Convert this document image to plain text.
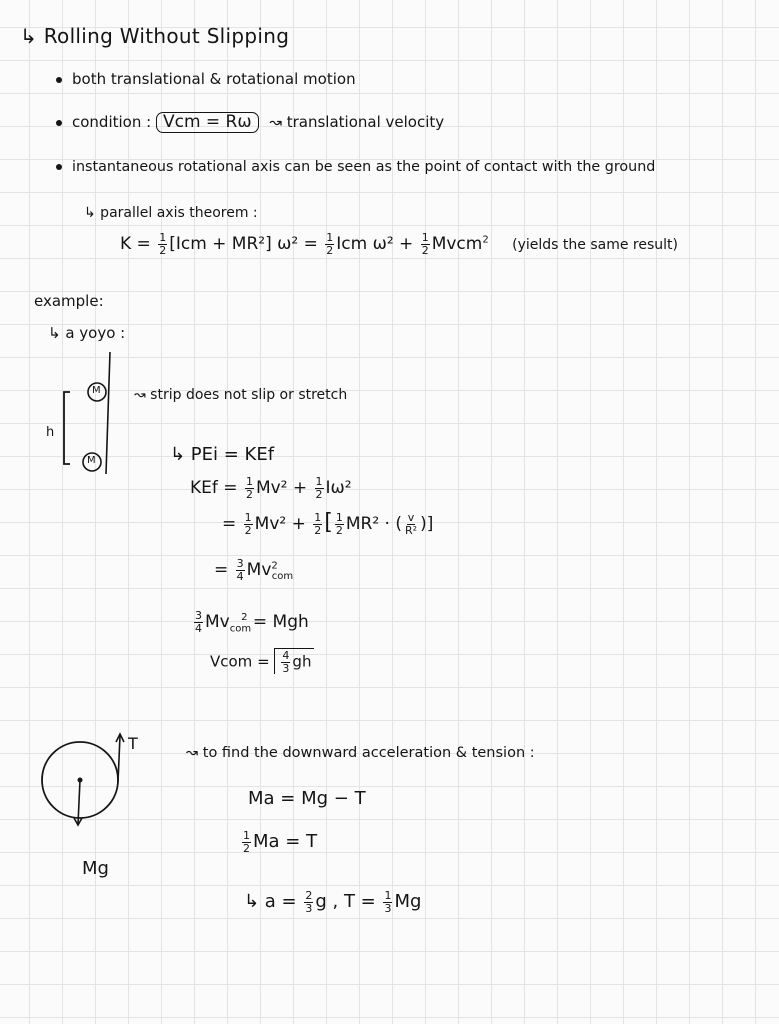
↳ Rolling Without Slipping
both translational & rotational motion
condition : Vcm = Rω ↝ translational velocity
instantaneous rotational axis can be seen as the point of contact with the ground
↳ parallel axis theorem :
$K = \frac{1}{2} [Icm + MR^2] \omega^2 = \frac{1}{2}$ Icm $\omega^2 + \frac{1}{2}$ Mvcm$^2$ (yields the same result)
example:
↳ a yoyo :
M
M
h
↝ strip does not slip or stretch
↳ PEi = KEf
KEf = $\frac{1}{2} Mv^2 + \frac{1}{2} I\omega^2$
= $\frac{1}{2} Mv^2 + \frac{1}{2}$ [ $\frac{1}{2} MR^2$ · ( $\frac{v}{\text{R²}}$ )]
= $\frac{3}{4} Mv^2_{com}$
$\frac{3}{4} Mv_{com}^2$ = Mgh
Vcom = $\frac{4}{3}$ gh
T
Mg
↝ to find the downward acceleration & tension :
Ma = Mg − T
$\frac{1}{2}$ Ma = T
↳ $a = \frac{2}{3}$ g , $T = \frac{1}{3}$ Mg
